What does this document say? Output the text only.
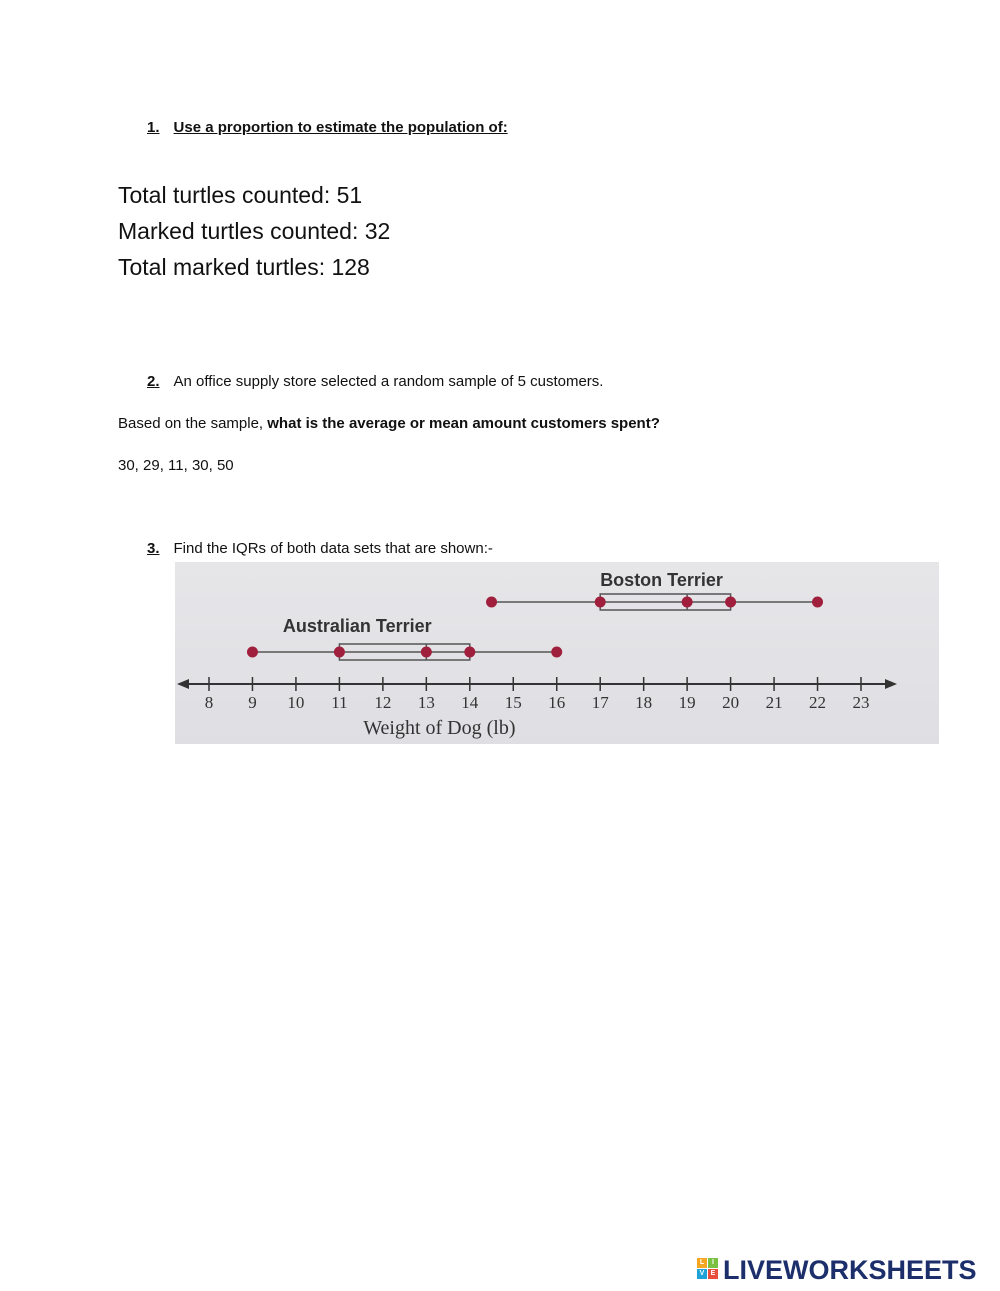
1. Use a proportion to estimate the population of:
Total turtles counted: 51
Marked turtles counted: 32
Total marked turtles: 128
2. An office supply store selected a random sample of 5 customers.
Based on the sample, what is the average or mean amount customers spent?
30, 29, 11, 30, 50
3. Find the IQRs of both data sets that are shown:-
8 9 10 11 12 13 14 15 16 17 18 19 20 21 22 23
Weight of Dog (lb)
Boston Terrier
Australian Terrier
L	I
V E LIVEWORKSHEETS
